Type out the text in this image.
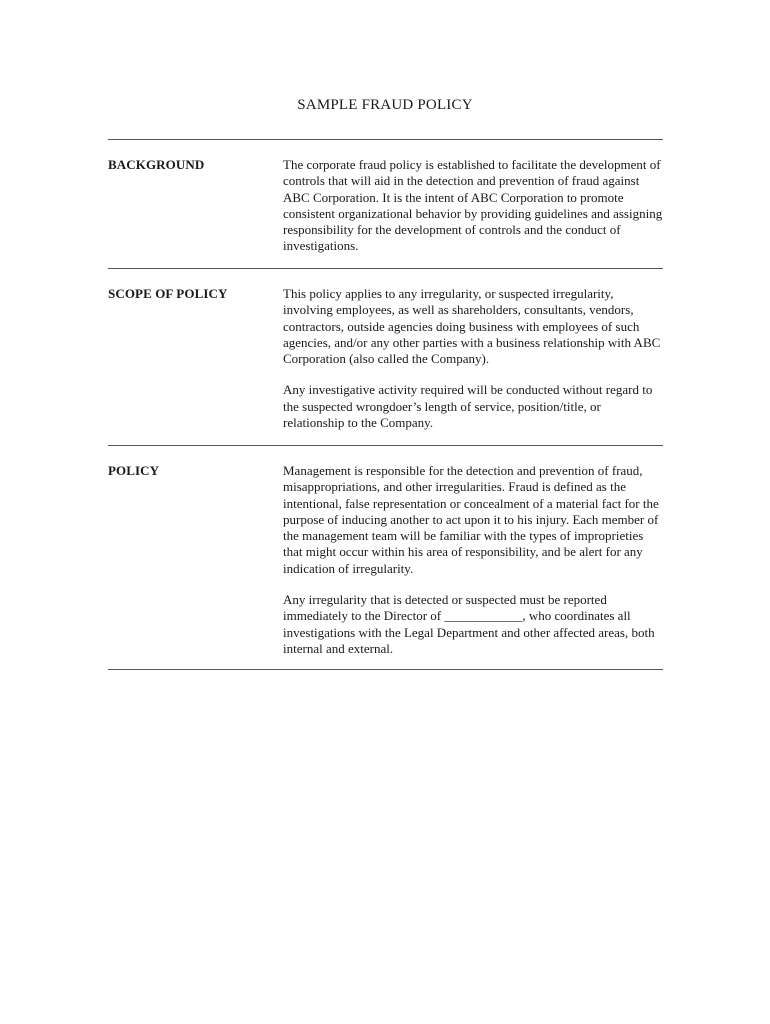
SAMPLE FRAUD POLICY
BACKGROUND	The corporate fraud policy is established to facilitate the development of controls that will aid in the detection and prevention of fraud against ABC Corporation. It is the intent of ABC Corporation to promote consistent organizational behavior by providing guidelines and assigning responsibility for the development of controls and the conduct of investigations.

SCOPE OF POLICY	This policy applies to any irregularity, or suspected irregularity, involving employees, as well as shareholders, consultants, vendors, contractors, outside agencies doing business with employees of such agencies, and/or any other parties with a business relationship with ABC Corporation (also called the Company).

Any investigative activity required will be conducted without regard to the suspected wrongdoer’s length of service, position/title, or relationship to the Company.

POLICY	Management is responsible for the detection and prevention of fraud, misappropriations, and other irregularities. Fraud is defined as the intentional, false representation or concealment of a material fact for the purpose of inducing another to act upon it to his injury. Each member of the management team will be familiar with the types of improprieties that might occur within his area of responsibility, and be alert for any indication of irregularity.

Any irregularity that is detected or suspected must be reported immediately to the Director of ____________, who coordinates all investigations with the Legal Department and other affected areas, both internal and external.
